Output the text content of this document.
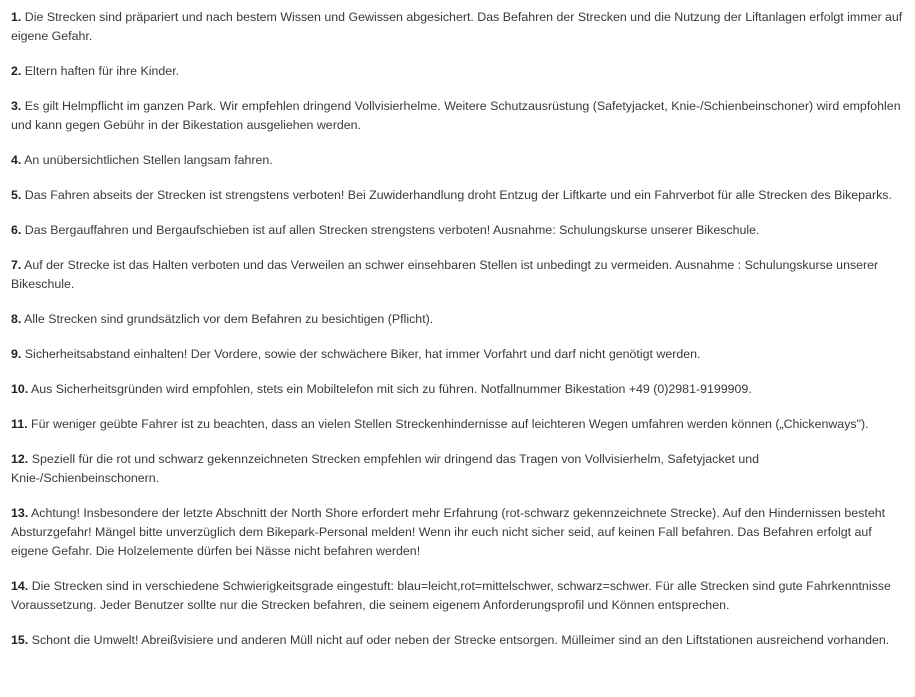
1. Die Strecken sind präpariert und nach bestem Wissen und Gewissen abgesichert. Das Befahren der Strecken und die Nutzung der Liftanlagen erfolgt immer auf eigene Gefahr.

2. Eltern haften für ihre Kinder.

3. Es gilt Helmpflicht im ganzen Park. Wir empfehlen dringend Vollvisierhelme. Weitere Schutzausrüstung (Safetyjacket, Knie-/Schienbeinschoner) wird empfohlen und kann gegen Gebühr in der Bikestation ausgeliehen werden.

4. An unübersichtlichen Stellen langsam fahren.

5. Das Fahren abseits der Strecken ist strengstens verboten! Bei Zuwiderhandlung droht Entzug der Liftkarte und ein Fahrverbot für alle Strecken des Bikeparks.

6. Das Bergauffahren und Bergaufschieben ist auf allen Strecken strengstens verboten! Ausnahme: Schulungskurse unserer Bikeschule.

7. Auf der Strecke ist das Halten verboten und das Verweilen an schwer einsehbaren Stellen ist unbedingt zu vermeiden. Ausnahme : Schulungskurse unserer Bikeschule.

8. Alle Strecken sind grundsätzlich vor dem Befahren zu besichtigen (Pflicht).

9. Sicherheitsabstand einhalten! Der Vordere, sowie der schwächere Biker, hat immer Vorfahrt und darf nicht genötigt werden.

10. Aus Sicherheitsgründen wird empfohlen, stets ein Mobiltelefon mit sich zu führen. Notfallnummer Bikestation +49 (0)2981-9199909.

11. Für weniger geübte Fahrer ist zu beachten, dass an vielen Stellen Streckenhindernisse auf leichteren Wegen umfahren werden können („Chickenways").

12. Speziell für die rot und schwarz gekennzeichneten Strecken empfehlen wir dringend das Tragen von Vollvisierhelm, Safetyjacket und Knie-/Schienbeinschonern.

13. Achtung! Insbesondere der letzte Abschnitt der North Shore erfordert mehr Erfahrung (rot-schwarz gekennzeichnete Strecke). Auf den Hindernissen besteht Absturzgefahr! Mängel bitte unverzüglich dem Bikepark-Personal melden! Wenn ihr euch nicht sicher seid, auf keinen Fall befahren. Das Befahren erfolgt auf eigene Gefahr. Die Holzelemente dürfen bei Nässe nicht befahren werden!

14. Die Strecken sind in verschiedene Schwierigkeitsgrade eingestuft: blau=leicht,rot=mittelschwer, schwarz=schwer. Für alle Strecken sind gute Fahrkenntnisse Voraussetzung. Jeder Benutzer sollte nur die Strecken befahren, die seinem eigenem Anforderungsprofil und Können entsprechen.

15. Schont die Umwelt! Abreißvisiere und anderen Müll nicht auf oder neben der Strecke entsorgen. Mülleimer sind an den Liftstationen ausreichend vorhanden.
